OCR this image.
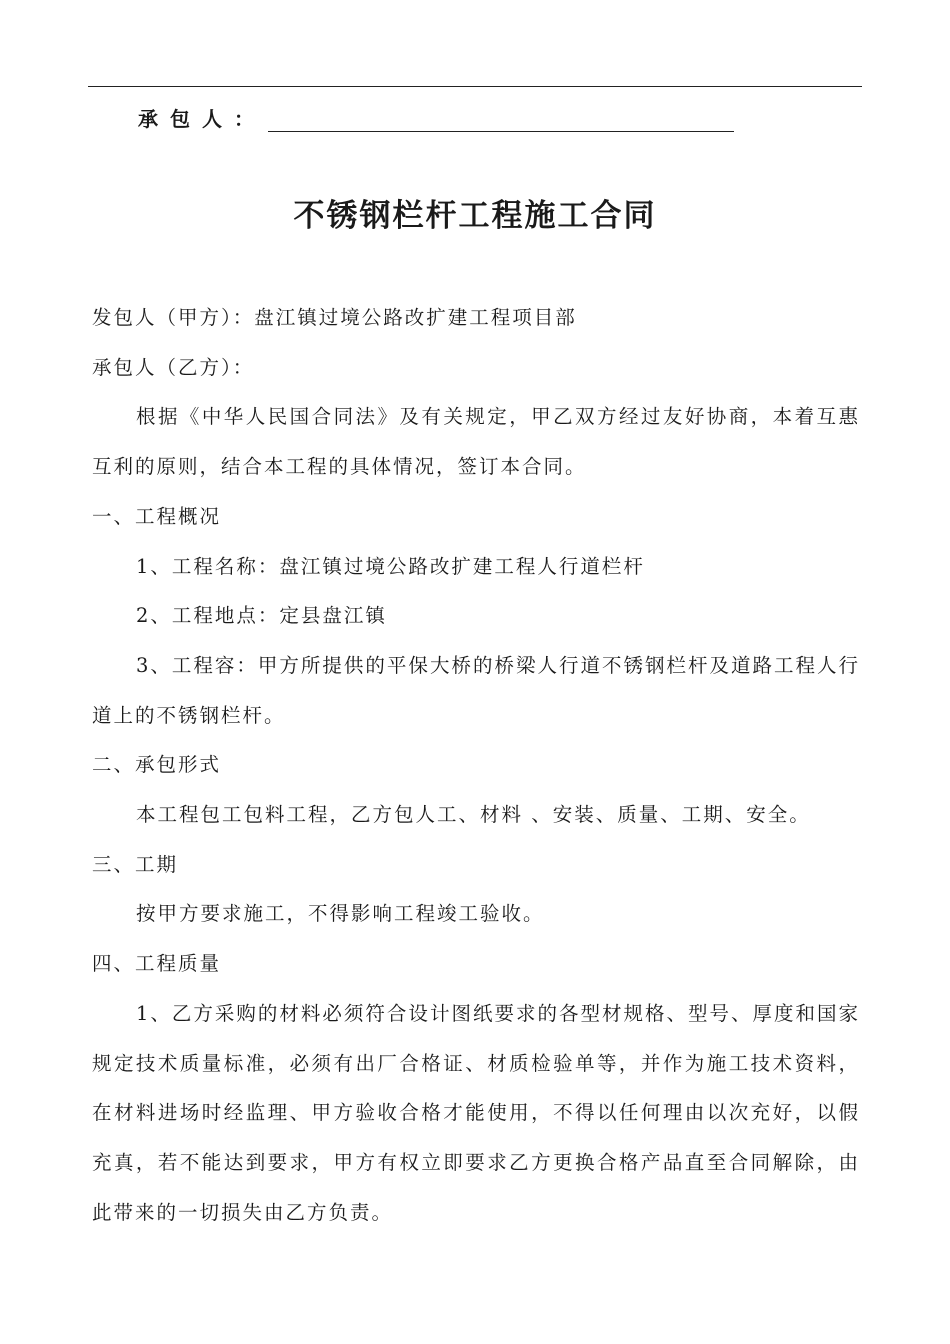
承包人：
不锈钢栏杆工程施工合同

发包人（甲方）：盘江镇过境公路改扩建工程项目部

承包人（乙方）：

根据《中华人民国合同法》及有关规定，甲乙双方经过友好协商，本着互惠互利的原则，结合本工程的具体情况，签订本合同。

一、工程概况

1、工程名称：盘江镇过境公路改扩建工程人行道栏杆

2、工程地点：定县盘江镇

3、工程容：甲方所提供的平保大桥的桥梁人行道不锈钢栏杆及道路工程人行道上的不锈钢栏杆。

二、承包形式

本工程包工包料工程，乙方包人工、材料 、安装、质量、工期、安全。

三、工期

按甲方要求施工，不得影响工程竣工验收。

四、工程质量

1、乙方采购的材料必须符合设计图纸要求的各型材规格、型号、厚度和国家规定技术质量标准，必须有出厂合格证、材质检验单等，并作为施工技术资料，在材料进场时经监理、甲方验收合格才能使用，不得以任何理由以次充好，以假充真，若不能达到要求，甲方有权立即要求乙方更换合格产品直至合同解除，由此带来的一切损失由乙方负责。
